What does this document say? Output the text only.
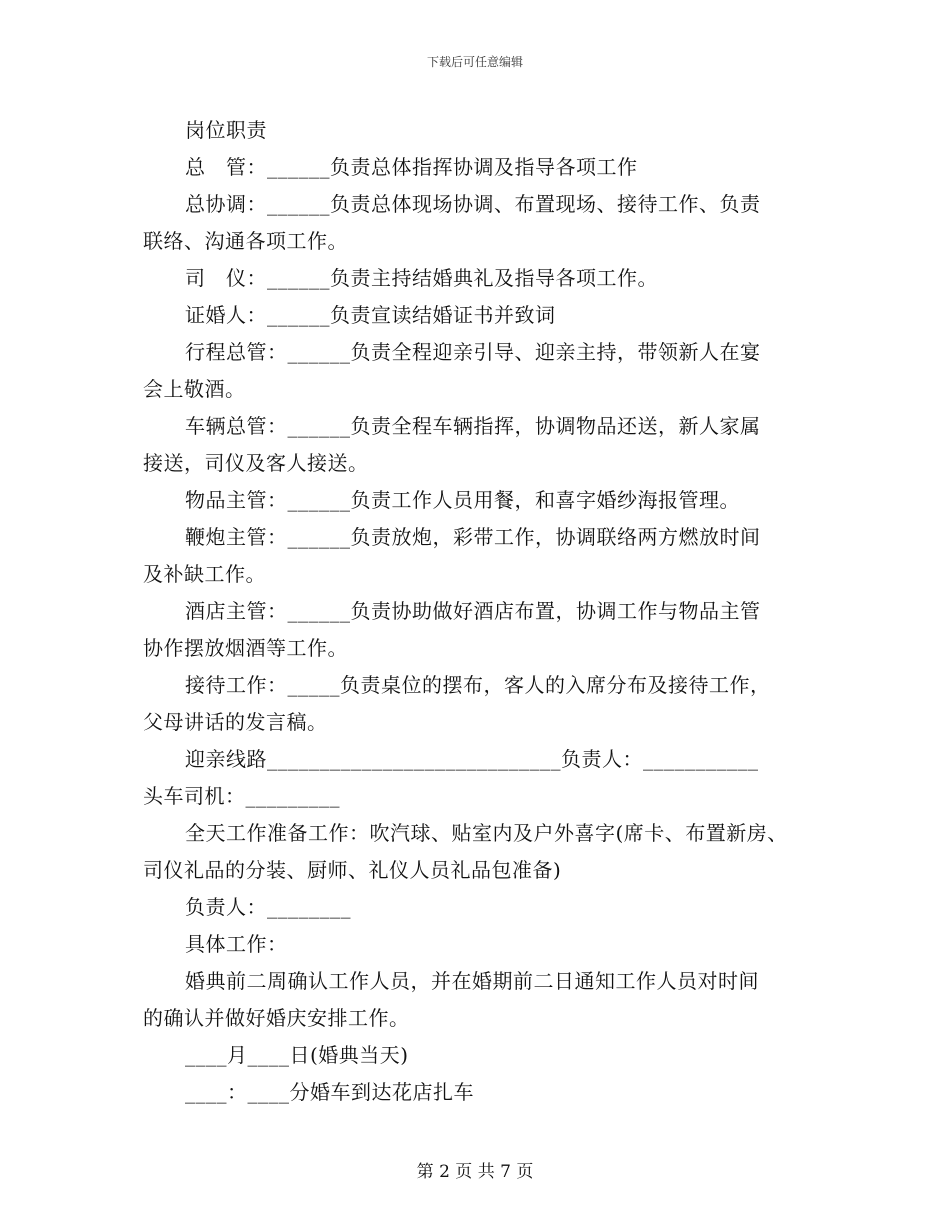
下载后可任意编辑
岗位职责
总　管：______负责总体指挥协调及指导各项工作
总协调：______负责总体现场协调、布置现场、接待工作、负责
联络、沟通各项工作。
司　仪：______负责主持结婚典礼及指导各项工作。
证婚人：______负责宣读结婚证书并致词
行程总管：______负责全程迎亲引导、迎亲主持，带领新人在宴
会上敬酒。
车辆总管：______负责全程车辆指挥，协调物品还送，新人家属
接送，司仪及客人接送。
物品主管：______负责工作人员用餐，和喜字婚纱海报管理。
鞭炮主管：______负责放炮，彩带工作，协调联络两方燃放时间
及补缺工作。
酒店主管：______负责协助做好酒店布置，协调工作与物品主管
协作摆放烟酒等工作。
接待工作：_____负责桌位的摆布，客人的入席分布及接待工作，
父母讲话的发言稿。
迎亲线路____________________________负责人：___________
头车司机：_________
全天工作准备工作：吹汽球、贴室内及户外喜字(席卡、布置新房、
司仪礼品的分装、厨师、礼仪人员礼品包准备)
负责人：________
具体工作：
婚典前二周确认工作人员，并在婚期前二日通知工作人员对时间
的确认并做好婚庆安排工作。
____月____日(婚典当天)
____：____分婚车到达花店扎车
第 2 页 共 7 页
